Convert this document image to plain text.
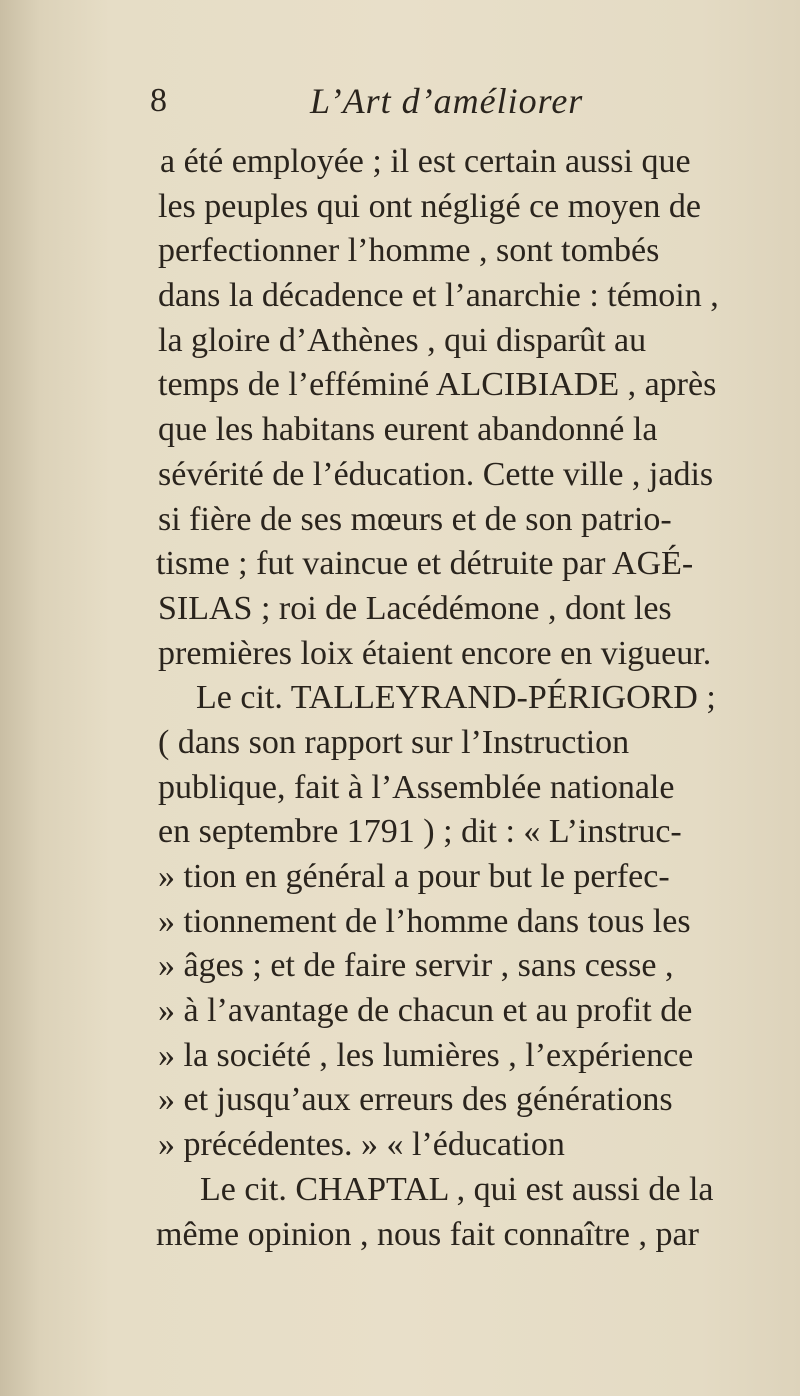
8	L’Art d’améliorer
a été employée ; il est certain aussi que
les peuples qui ont négligé ce moyen de
perfectionner l’homme , sont tombés
dans la décadence et l’anarchie : témoin ,
la gloire d’Athènes , qui disparût au
temps de l’efféminé ALCIBIADE , après
que les habitans eurent abandonné la
sévérité de l’éducation. Cette ville , jadis
si fière de ses mœurs et de son patrio-
tisme ; fut vaincue et détruite par AGÉ-
SILAS ; roi de Lacédémone , dont les
premières loix étaient encore en vigueur.
Le cit. TALLEYRAND-PÉRIGORD ;
( dans son rapport sur l’Instruction
publique, fait à l’Assemblée nationale
en septembre 1791 ) ; dit : « L’instruc-
» tion en général a pour but le perfec-
» tionnement de l’homme dans tous les
» âges ; et de faire servir , sans cesse ,
» à l’avantage de chacun et au profit de
» la société , les lumières , l’expérience
» et jusqu’aux erreurs des générations
» précédentes. » « l’éducation
Le cit. CHAPTAL , qui est aussi de la
même opinion , nous fait connaître , par
